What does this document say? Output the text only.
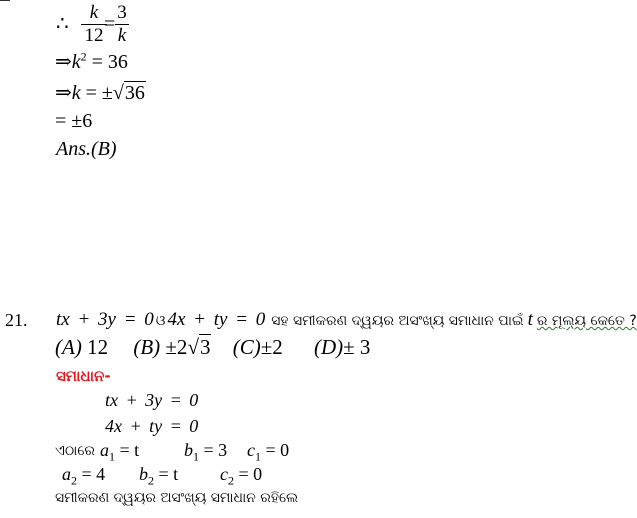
∴
k
12
=
3
k
$\Rightarrow k^2 = 36$
⇒k = ±√36
= ±6
Ans.(B)
21. tx + 3y = 0 ଓ 4x + ty = 0 ସହ ସମୀକରଣ ଦ୍ୱୟର ଅସଂଖ୍ୟ ସମାଧାନ ପାଇଁ t ର ମୂଲ୍ୟ କେତେ ?
(A) 12 (B) ±2√3 (C)±2 (D)± 3
ସମାଧାନ-
tx + 3y = 0
4x + ty = 0
ଏଠାରେ $a_1 = t$ $b_1 = 3$ $c_1 = 0$
$a_2 = 4$ $b_2 = t$ $c_2 = 0$
ସମୀକରଣ ଦ୍ୱୟର ଅସଂଖ୍ୟ ସମାଧାନ ରହିଲେ
